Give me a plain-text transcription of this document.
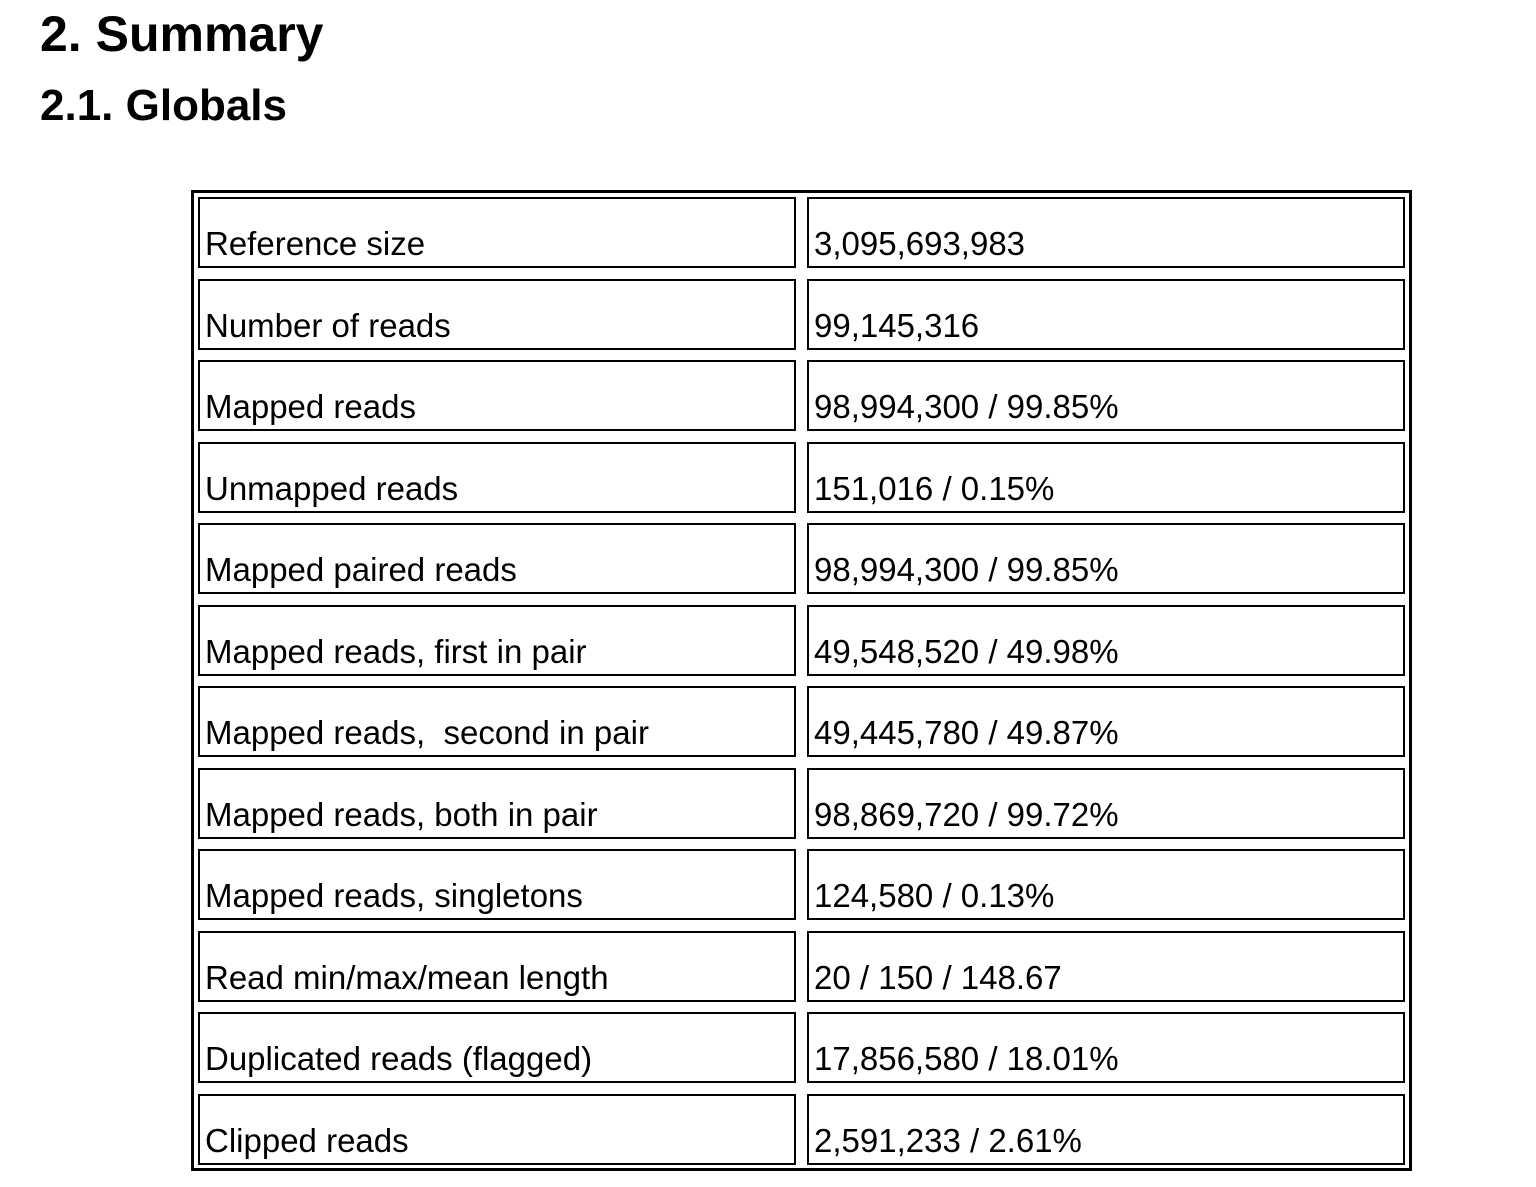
2. Summary
2.1. Globals
Reference size	3,095,693,983
Number of reads	99,145,316
Mapped reads	98,994,300 / 99.85%
Unmapped reads	151,016 / 0.15%
Mapped paired reads	98,994,300 / 99.85%
Mapped reads, first in pair	49,548,520 / 49.98%
Mapped reads,  second in pair	49,445,780 / 49.87%
Mapped reads, both in pair	98,869,720 / 99.72%
Mapped reads, singletons	124,580 / 0.13%
Read min/max/mean length	20 / 150 / 148.67
Duplicated reads (flagged)	17,856,580 / 18.01%
Clipped reads	2,591,233 / 2.61%
